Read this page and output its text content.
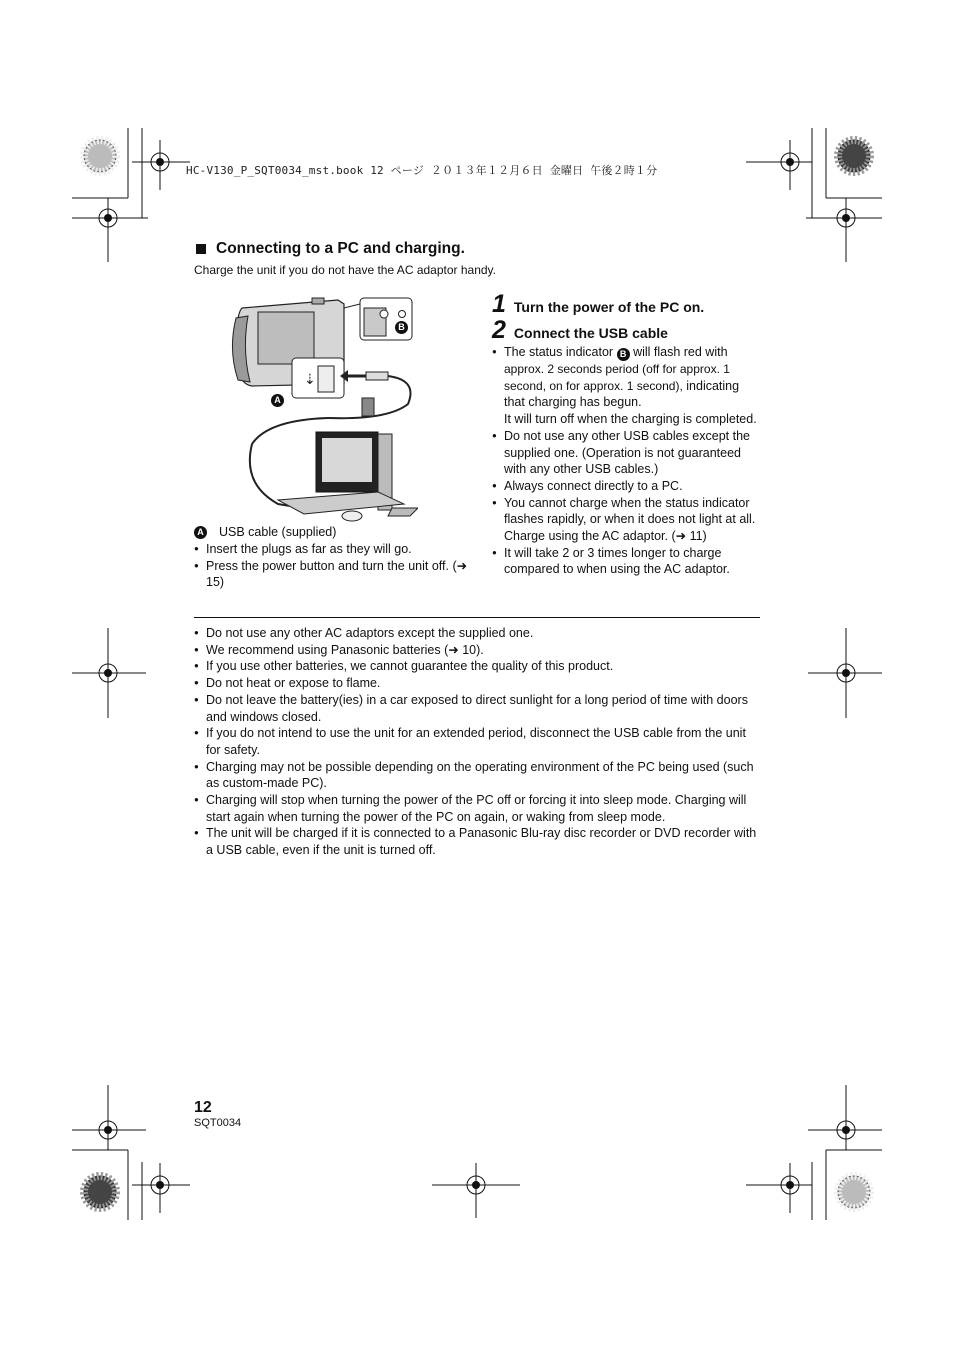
HC-V130_P_SQT0034_mst.book 12 ページ ２０１３年１２月６日 金曜日 午後２時１分
Connecting to a PC and charging.
Charge the unit if you do not have the AC adaptor handy.
⇣
B
A
A USB cable (supplied)
● Insert the plugs as far as they will go.
● Press the power button and turn the unit off. (➜ 15)
1 Turn the power of the PC on.
2 Connect the USB cable
● The status indicator B will flash red with approx. 2 seconds period (off for approx. 1 second, on for approx. 1 second), indicating that charging has begun.
It will turn off when the charging is completed.
● Do not use any other USB cables except the supplied one. (Operation is not guaranteed with any other USB cables.)
● Always connect directly to a PC.
● You cannot charge when the status indicator flashes rapidly, or when it does not light at all. Charge using the AC adaptor. (➜ 11)
● It will take 2 or 3 times longer to charge compared to when using the AC adaptor.
● Do not use any other AC adaptors except the supplied one.
● We recommend using Panasonic batteries (➜ 10).
● If you use other batteries, we cannot guarantee the quality of this product.
● Do not heat or expose to flame.
● Do not leave the battery(ies) in a car exposed to direct sunlight for a long period of time with doors and windows closed.
● If you do not intend to use the unit for an extended period, disconnect the USB cable from the unit for safety.
● Charging may not be possible depending on the operating environment of the PC being used (such as custom-made PC).
● Charging will stop when turning the power of the PC off or forcing it into sleep mode. Charging will start again when turning the power of the PC on again, or waking from sleep mode.
● The unit will be charged if it is connected to a Panasonic Blu-ray disc recorder or DVD recorder with a USB cable, even if the unit is turned off.
12
SQT0034
